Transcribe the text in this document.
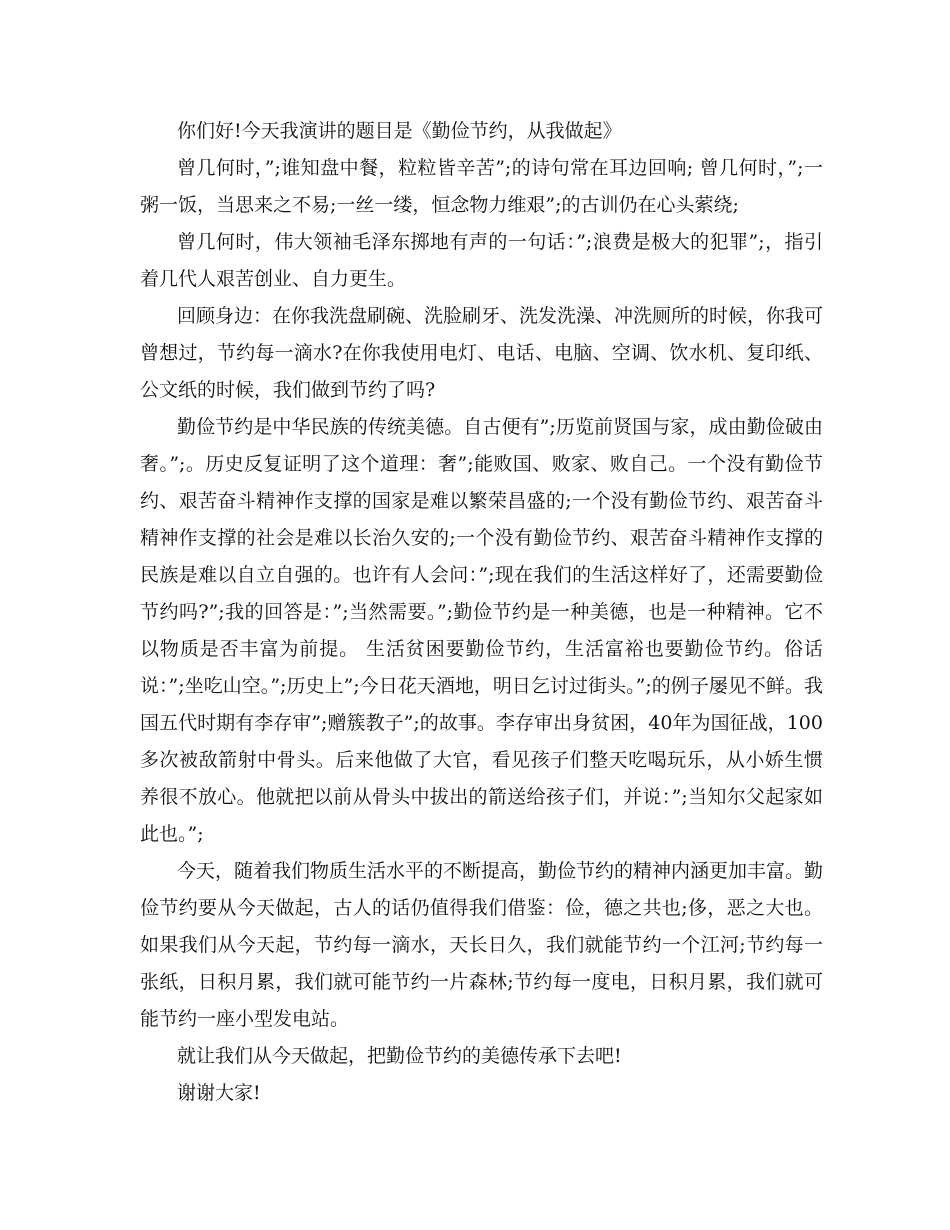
你们好!今天我演讲的题目是《勤俭节约，从我做起》

曾几何时，”;谁知盘中餐，粒粒皆辛苦”;的诗句常在耳边回响; 曾几何时，”;一粥一饭，当思来之不易;一丝一缕，恒念物力维艰”;的古训仍在心头萦绕;

曾几何时，伟大领袖毛泽东掷地有声的一句话：”;浪费是极大的犯罪”;，指引着几代人艰苦创业、自力更生。

回顾身边：在你我洗盘刷碗、洗脸刷牙、洗发洗澡、冲洗厕所的时候，你我可曾想过，节约每一滴水?在你我使用电灯、电话、电脑、空调、饮水机、复印纸、公文纸的时候，我们做到节约了吗?

勤俭节约是中华民族的传统美德。自古便有”;历览前贤国与家，成由勤俭破由奢。”;。历史反复证明了这个道理：奢”;能败国、败家、败自己。一个没有勤俭节约、艰苦奋斗精神作支撑的国家是难以繁荣昌盛的;一个没有勤俭节约、艰苦奋斗精神作支撑的社会是难以长治久安的;一个没有勤俭节约、艰苦奋斗精神作支撑的民族是难以自立自强的。也许有人会问：”;现在我们的生活这样好了，还需要勤俭节约吗?”;我的回答是：”;当然需要。”;勤俭节约是一种美德，也是一种精神。它不以物质是否丰富为前提。 生活贫困要勤俭节约，生活富裕也要勤俭节约。俗话说：”;坐吃山空。”;历史上”;今日花天酒地，明日乞讨过街头。”;的例子屡见不鲜。我国五代时期有李存审”;赠簇教子”;的故事。李存审出身贫困，40年为国征战，100多次被敌箭射中骨头。后来他做了大官，看见孩子们整天吃喝玩乐，从小娇生惯养很不放心。他就把以前从骨头中拔出的箭送给孩子们，并说：”;当知尔父起家如此也。”;

今天，随着我们物质生活水平的不断提高，勤俭节约的精神内涵更加丰富。勤俭节约要从今天做起，古人的话仍值得我们借鉴：俭，德之共也;侈，恶之大也。如果我们从今天起，节约每一滴水，天长日久，我们就能节约一个江河;节约每一张纸，日积月累，我们就可能节约一片森林;节约每一度电，日积月累，我们就可能节约一座小型发电站。

就让我们从今天做起，把勤俭节约的美德传承下去吧!

谢谢大家!
